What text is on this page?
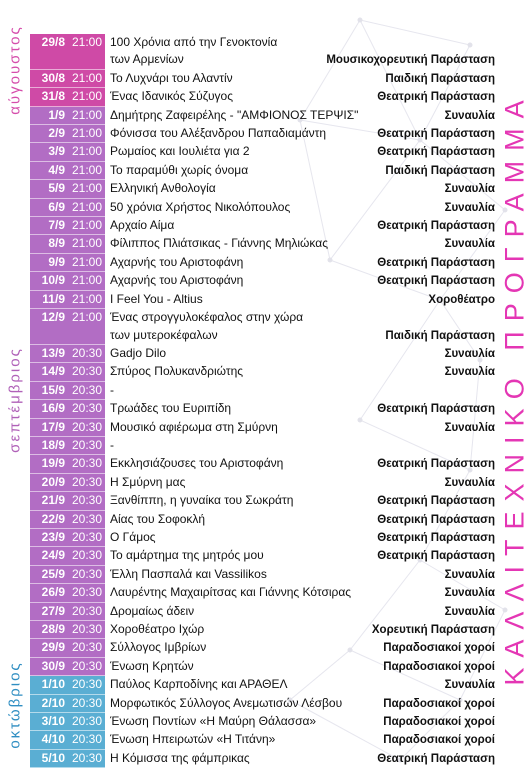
αύγουστος
σεπτέμβριος
οκτώβριος
29/8 21:00 100 Χρόνια από την Γενοκτονία
των Αρμενίων	Μουσικοχορευτική Παράσταση
30/8 21:00 Το Λυχνάρι του Αλαντίν	Παιδική Παράσταση
31/8 21:00 Ένας Ιδανικός Σύζυγος	Θεατρική Παράσταση
1/9 21:00 Δημήτρης Ζαφειρέλης - "ΑΜΦΙΟΝΟΣ ΤΕΡΨΙΣ"	Συναυλία
2/9 21:00 Φόνισσα του Αλέξανδρου Παπαδιαμάντη	Θεατρική Παράσταση
3/9 21:00 Ρωμαίος και Ιουλιέτα για 2	Θεατρική Παράσταση
4/9 21:00 Το παραμύθι χωρίς όνομα	Παιδική Παράσταση
5/9 21:00 Ελληνική Ανθολογία	Συναυλία
6/9 21:00 50 χρόνια Χρήστος Νικολόπουλος	Συναυλία
7/9 21:00 Αρχαίο Αίμα	Θεατρική Παράσταση
8/9 21:00 Φίλιππος Πλιάτσικας - Γιάννης Μηλιώκας	Συναυλία
9/9 21:00 Αχαρνής του Αριστοφάνη	Θεατρική Παράσταση
10/9 21:00 Αχαρνής του Αριστοφάνη	Θεατρική Παράσταση
11/9 21:00 I Feel You - Altius	Χοροθέατρο
12/9 21:00 Ένας στρογγυλοκέφαλος στην χώρα
των μυτεροκέφαλων	Παιδική Παράσταση
13/9 20:30 Gadjo Dilo	Συναυλία
14/9 20:30 Σπύρος Πολυκανδριώτης	Συναυλία
15/9 20:30 -
16/9 20:30 Τρωάδες του Ευριπίδη	Θεατρική Παράσταση
17/9 20:30 Μουσικό αφιέρωμα στη Σμύρνη	Συναυλία
18/9 20:30 -
19/9 20:30 Εκκλησιάζουσες του Αριστοφάνη	Θεατρική Παράσταση
20/9 20:30 Η Σμύρνη μας	Συναυλία
21/9 20:30 Ξανθίππη, η γυναίκα του Σωκράτη	Θεατρική Παράσταση
22/9 20:30 Αίας του Σοφοκλή	Θεατρική Παράσταση
23/9 20:30 Ο Γάμος	Θεατρική Παράσταση
24/9 20:30 Το αμάρτημα της μητρός μου	Θεατρική Παράσταση
25/9 20:30 Έλλη Πασπαλά και Vassilikos	Συναυλία
26/9 20:30 Λαυρέντης Μαχαιρίτσας και Γιάννης Κότσιρας	Συναυλία
27/9 20:30 Δρομαίως άδειν	Συναυλία
28/9 20:30 Χοροθέατρο Ιχώρ	Χορευτική Παράσταση
29/9 20:30 Σύλλογος Ιμβρίων	Παραδοσιακοί χοροί
30/9 20:30 Ένωση Κρητών	Παραδοσιακοί χοροί
1/10 20:30 Παύλος Καρποδίνης και ΑΡΑΘΕΛ	Συναυλία
2/10 20:30 Μορφωτικός Σύλλογος Ανεμωτισών Λέσβου	Παραδοσιακοί χοροί
3/10 20:30 Ένωση Ποντίων «Η Μαύρη Θάλασσα»	Παραδοσιακοί χοροί
4/10 20:30 Ένωση Ηπειρωτών «Η Τιτάνη»	Παραδοσιακοί χοροί
5/10 20:30 Η Κόμισσα της φάμπρικας	Θεατρική Παράσταση
ΚΑΛΛΙΤΕΧΝΙΚΟ ΠΡΟΓΡΑΜΜΑ
